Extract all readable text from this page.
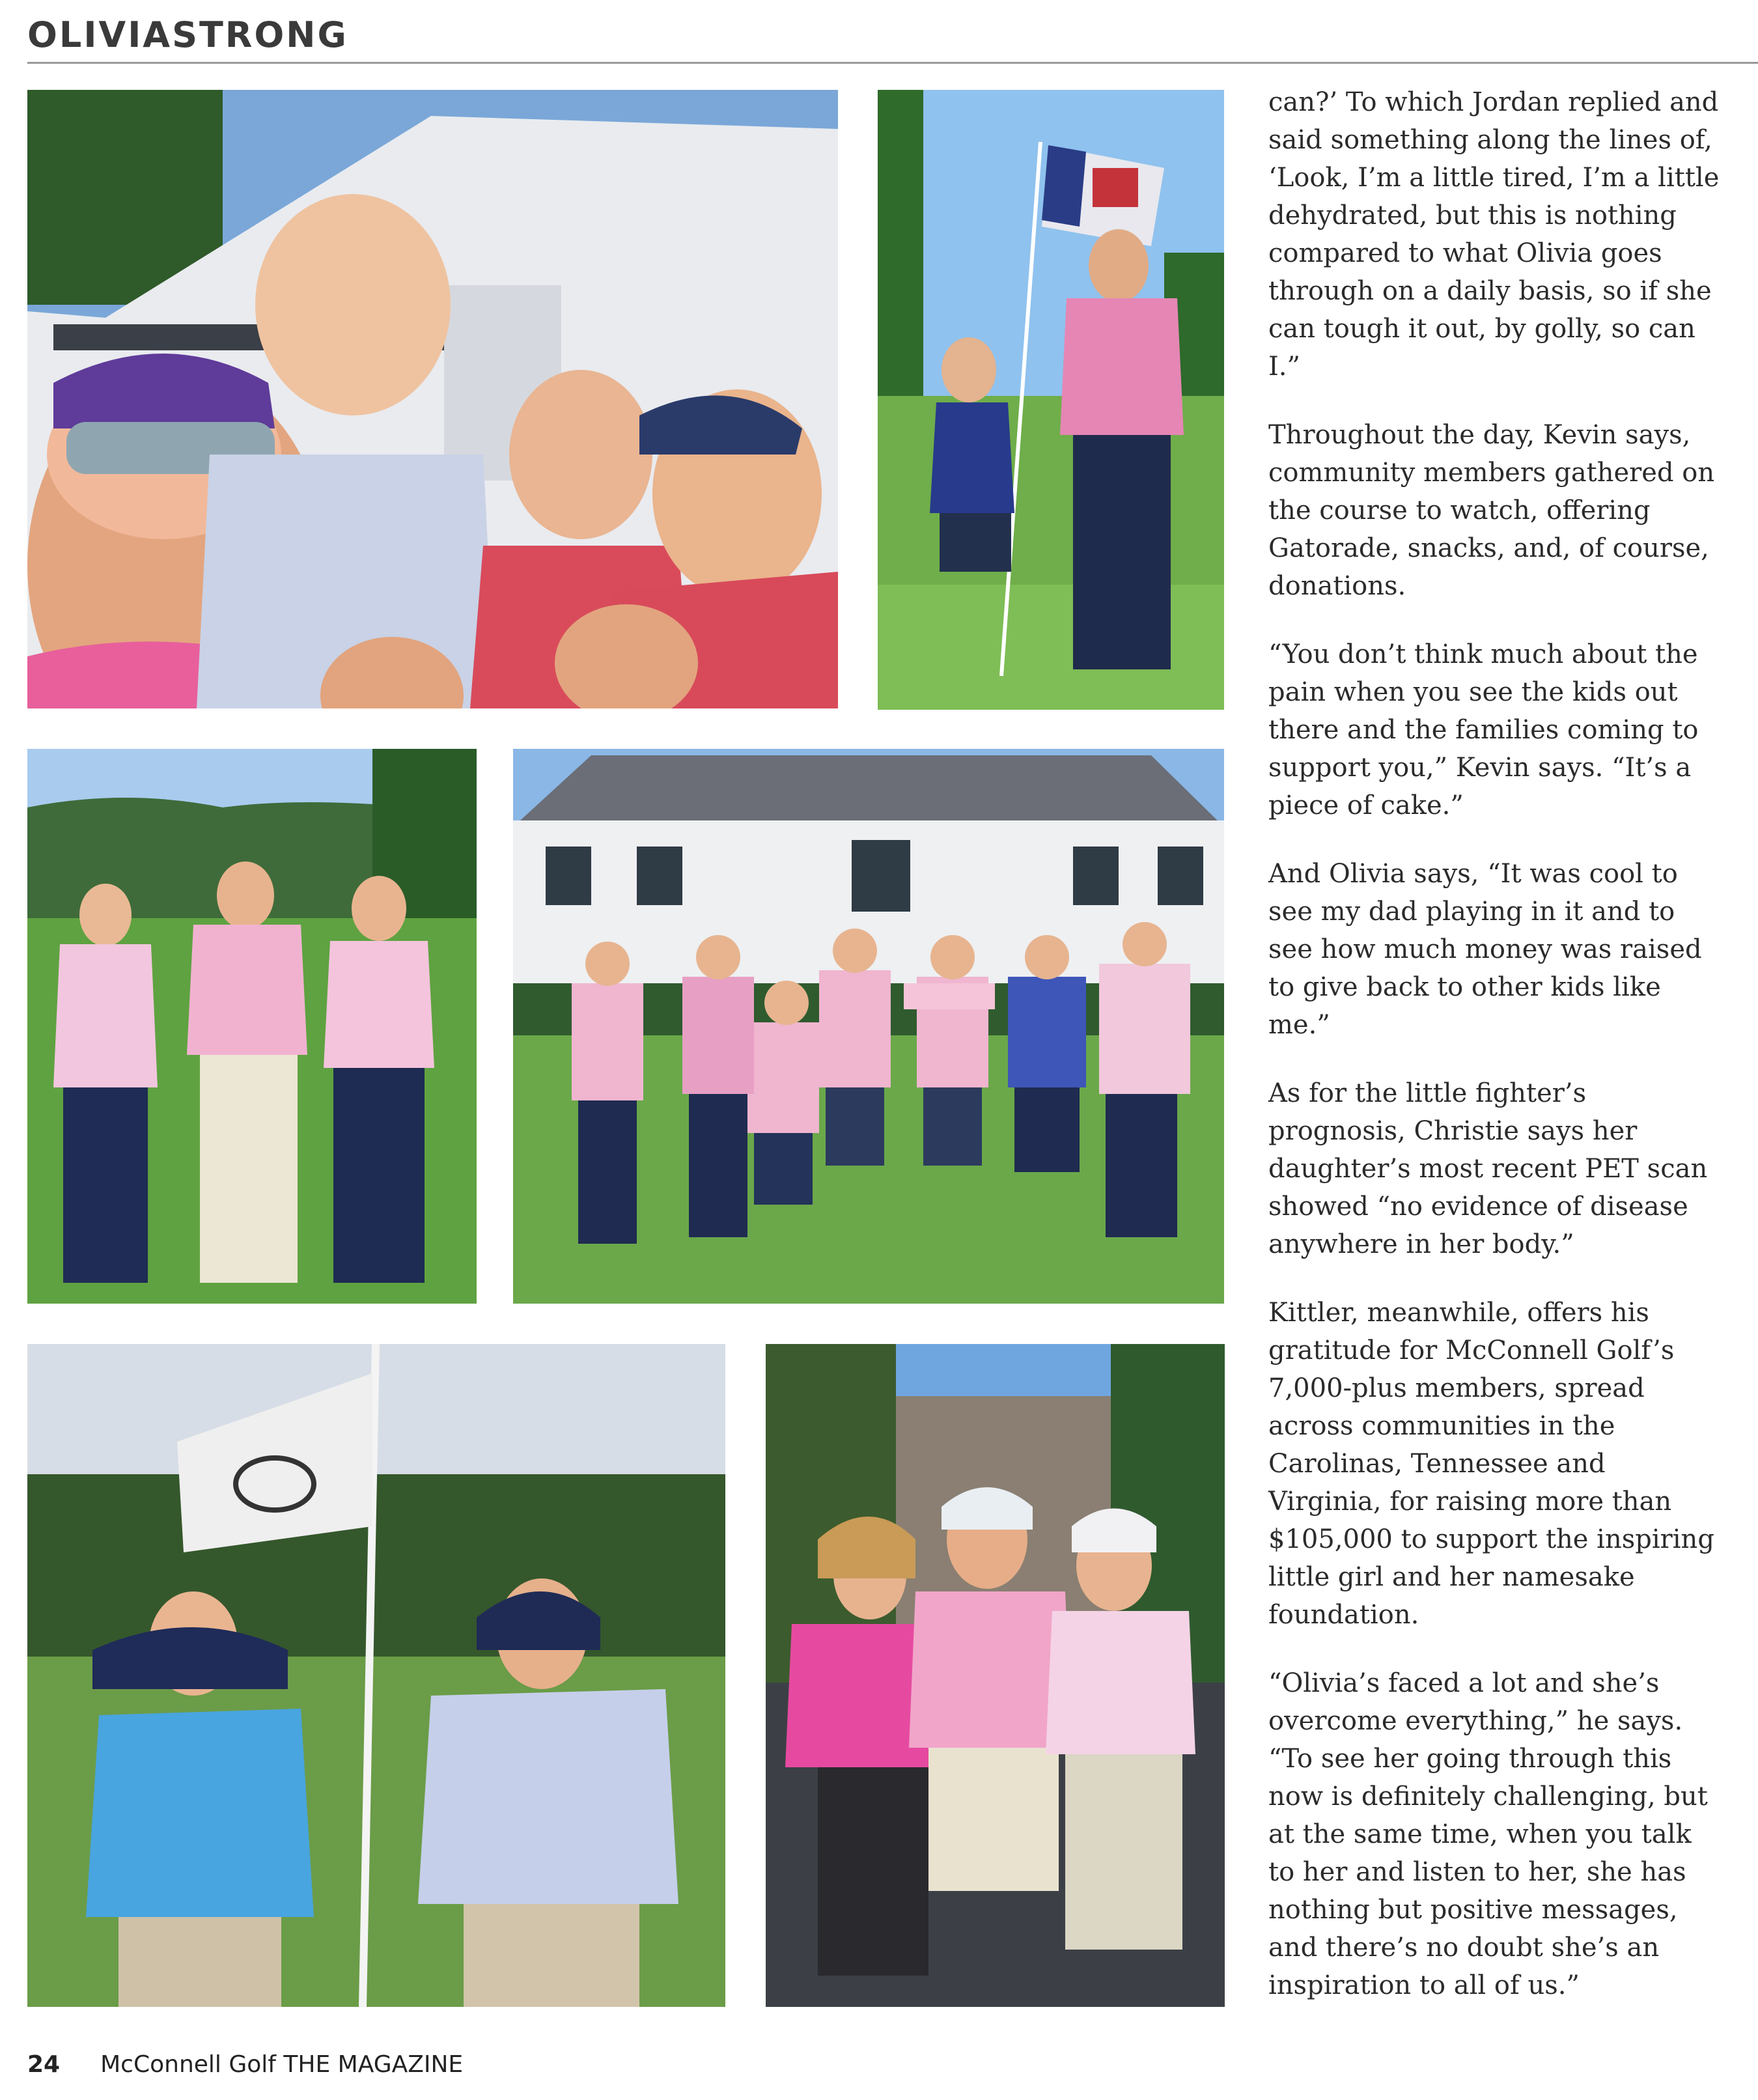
OLIVIASTRONG

can?’ To which Jordan replied and said something along the lines of, ‘Look, I’m a little tired, I’m a little dehydrated, but this is nothing compared to what Olivia goes through on a daily basis, so if she can tough it out, by golly, so can I.”

Throughout the day, Kevin says, community members gathered on the course to watch, offering Gatorade, snacks, and, of course, donations.

“You don’t think much about the pain when you see the kids out there and the families coming to support you,” Kevin says. “It’s a piece of cake.”

And Olivia says, “It was cool to see my dad playing in it and to see how much money was raised to give back to other kids like me.”

As for the little fighter’s prognosis, Christie says her daughter’s most recent PET scan showed “no evidence of disease anywhere in her body.”

Kittler, meanwhile, offers his gratitude for McConnell Golf’s 7,000-plus members, spread across communities in the Carolinas, Tennessee and Virginia, for raising more than $105,000 to support the inspiring little girl and her namesake foundation.

“Olivia’s faced a lot and she’s overcome everything,” he says. “To see her going through this now is definitely challenging, but at the same time, when you talk to her and listen to her, she has nothing but positive messages, and there’s no doubt she’s an inspiration to all of us.”

24 McConnell Golf THE MAGAZINE
